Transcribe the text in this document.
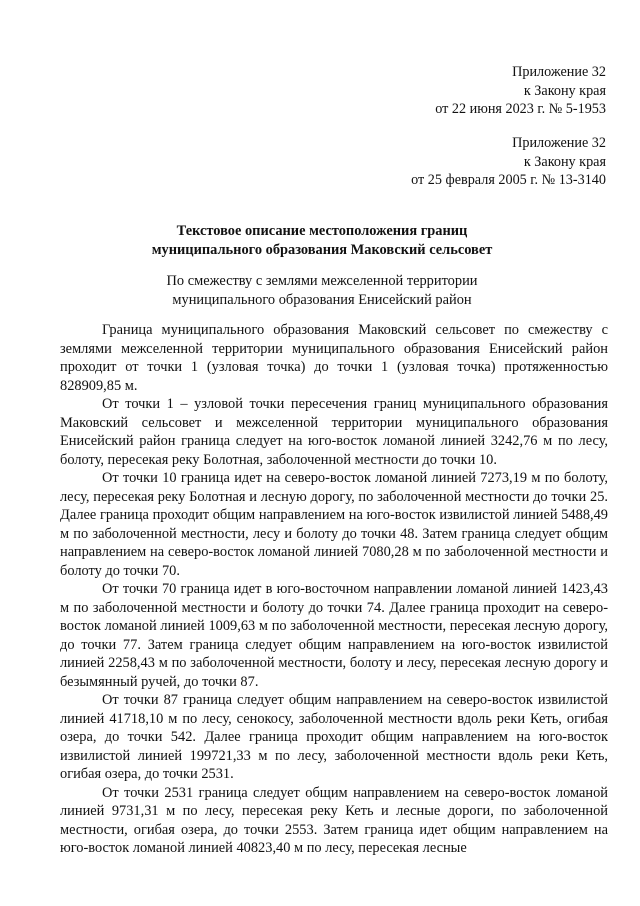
Приложение 32
к Закону края
от 22 июня 2023 г. № 5-1953
Приложение 32
к Закону края
от 25 февраля 2005 г. № 13-3140
Текстовое описание местоположения границ
муниципального образования Маковский сельсовет
По смежеству с землями межселенной территории
муниципального образования Енисейский район

Граница муниципального образования Маковский сельсовет по смежеству с землями межселенной территории муниципального образования Енисейский район проходит от точки 1 (узловая точка) до точки 1 (узловая точка) протяженностью 828909,85 м.

От точки 1 – узловой точки пересечения границ муниципального образования Маковский сельсовет и межселенной территории муниципального образования Енисейский район граница следует на юго-восток ломаной линией 3242,76 м по лесу, болоту, пересекая реку Болотная, заболоченной местности до точки 10.

От точки 10 граница идет на северо-восток ломаной линией 7273,19 м по болоту, лесу, пересекая реку Болотная и лесную дорогу, по заболоченной местности до точки 25. Далее граница проходит общим направлением на юго-восток извилистой линией 5488,49 м по заболоченной местности, лесу и болоту до точки 48. Затем граница следует общим направлением на северо-восток ломаной линией 7080,28 м по заболоченной местности и болоту до точки 70.

От точки 70 граница идет в юго-восточном направлении ломаной линией 1423,43 м по заболоченной местности и болоту до точки 74. Далее граница проходит на северо-восток ломаной линией 1009,63 м по заболоченной местности, пересекая лесную дорогу, до точки 77. Затем граница следует общим направлением на юго-восток извилистой линией 2258,43 м по заболоченной местности, болоту и лесу, пересекая лесную дорогу и безымянный ручей, до точки 87.

От точки 87 граница следует общим направлением на северо-восток извилистой линией 41718,10 м по лесу, сенокосу, заболоченной местности вдоль реки Кеть, огибая озера, до точки 542. Далее граница проходит общим направлением на юго-восток извилистой линией 199721,33 м по лесу, заболоченной местности вдоль реки Кеть, огибая озера, до точки 2531.

От точки 2531 граница следует общим направлением на северо-восток ломаной линией 9731,31 м по лесу, пересекая реку Кеть и лесные дороги, по заболоченной местности, огибая озера, до точки 2553. Затем граница идет общим направлением на юго-восток ломаной линией 40823,40 м по лесу, пересекая лесные
